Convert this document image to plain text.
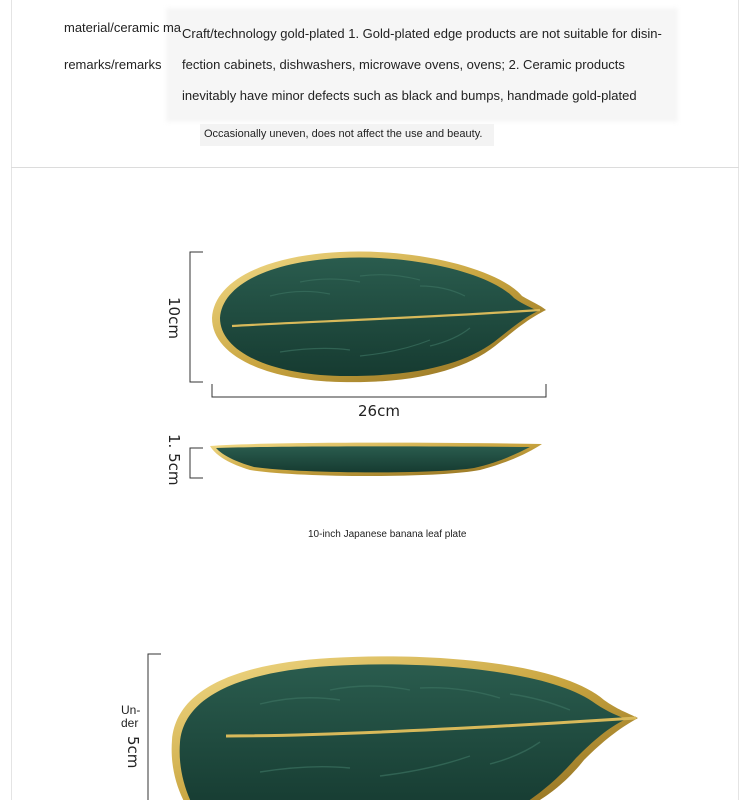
material/ceramic ma
remarks/remarks
Craft/technology gold-plated 1. Gold-plated edge products are not suitable for disin-
fection cabinets, dishwashers, microwave ovens, ovens; 2. Ceramic products
inevitably have minor defects such as black and bumps, handmade gold-plated
Occasionally uneven, does not affect the use and beauty.
10cm
26cm
1. 5cm
10-inch Japanese banana leaf plate
Un-
der
5cm
